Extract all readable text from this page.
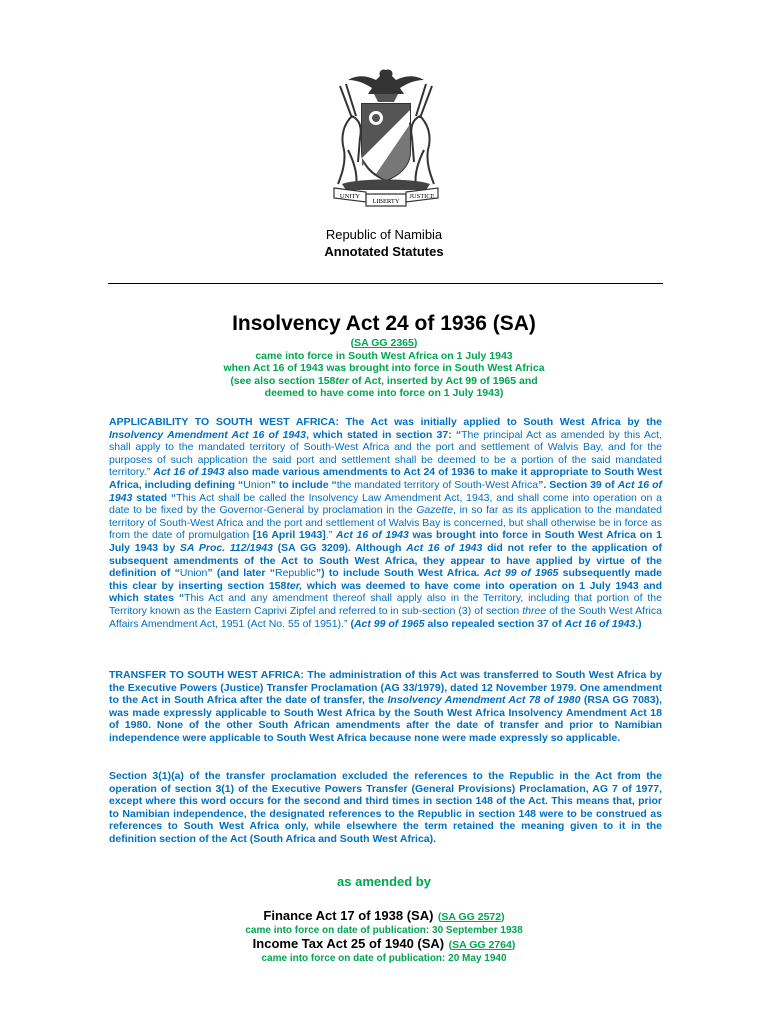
UNITY
LIBERTY
JUSTICE
Republic of Namibia
Annotated Statutes
Insolvency Act 24 of 1936 (SA)
(SA GG 2365)
came into force in South West Africa on 1 July 1943
when Act 16 of 1943 was brought into force in South West Africa
(see also section 158ter of Act, inserted by Act 99 of 1965 and
deemed to have come into force on 1 July 1943)
APPLICABILITY TO SOUTH WEST AFRICA: The Act was initially applied to South West Africa by the Insolvency Amendment Act 16 of 1943, which stated in section 37: “The principal Act as amended by this Act, shall apply to the mandated territory of South-West Africa and the port and settlement of Walvis Bay, and for the purposes of such application the said port and settlement shall be deemed to be a portion of the said mandated territory.” Act 16 of 1943 also made various amendments to Act 24 of 1936 to make it appropriate to South West Africa, including defining “Union” to include “the mandated territory of South-West Africa”. Section 39 of Act 16 of 1943 stated “This Act shall be called the Insolvency Law Amendment Act, 1943, and shall come into operation on a date to be fixed by the Governor-General by proclamation in the Gazette, in so far as its application to the mandated territory of South-West Africa and the port and settlement of Walvis Bay is concerned, but shall otherwise be in force as from the date of promulgation [16 April 1943].” Act 16 of 1943 was brought into force in South West Africa on 1 July 1943 by SA Proc. 112/1943 (SA GG 3209). Although Act 16 of 1943 did not refer to the application of subsequent amendments of the Act to South West Africa, they appear to have applied by virtue of the definition of “Union” (and later “Republic”) to include South West Africa. Act 99 of 1965 subsequently made this clear by inserting section 158ter, which was deemed to have come into operation on 1 July 1943 and which states “This Act and any amendment thereof shall apply also in the Territory, including that portion of the Territory known as the Eastern Caprivi Zipfel and referred to in sub-section (3) of section three of the South West Africa Affairs Amendment Act, 1951 (Act No. 55 of 1951).” (Act 99 of 1965 also repealed section 37 of Act 16 of 1943.)
TRANSFER TO SOUTH WEST AFRICA: The administration of this Act was transferred to South West Africa by the Executive Powers (Justice) Transfer Proclamation (AG 33/1979), dated 12 November 1979. One amendment to the Act in South Africa after the date of transfer, the Insolvency Amendment Act 78 of 1980 (RSA GG 7083), was made expressly applicable to South West Africa by the South West Africa Insolvency Amendment Act 18 of 1980. None of the other South African amendments after the date of transfer and prior to Namibian independence were applicable to South West Africa because none were made expressly so applicable.
Section 3(1)(a) of the transfer proclamation excluded the references to the Republic in the Act from the operation of section 3(1) of the Executive Powers Transfer (General Provisions) Proclamation, AG 7 of 1977, except where this word occurs for the second and third times in section 148 of the Act. This means that, prior to Namibian independence, the designated references to the Republic in section 148 were to be construed as references to South West Africa only, while elsewhere the term retained the meaning given to it in the definition section of the Act (South Africa and South West Africa).
as amended by
Finance Act 17 of 1938 (SA) (SA GG 2572)
came into force on date of publication: 30 September 1938
Income Tax Act 25 of 1940 (SA) (SA GG 2764)
came into force on date of publication: 20 May 1940
